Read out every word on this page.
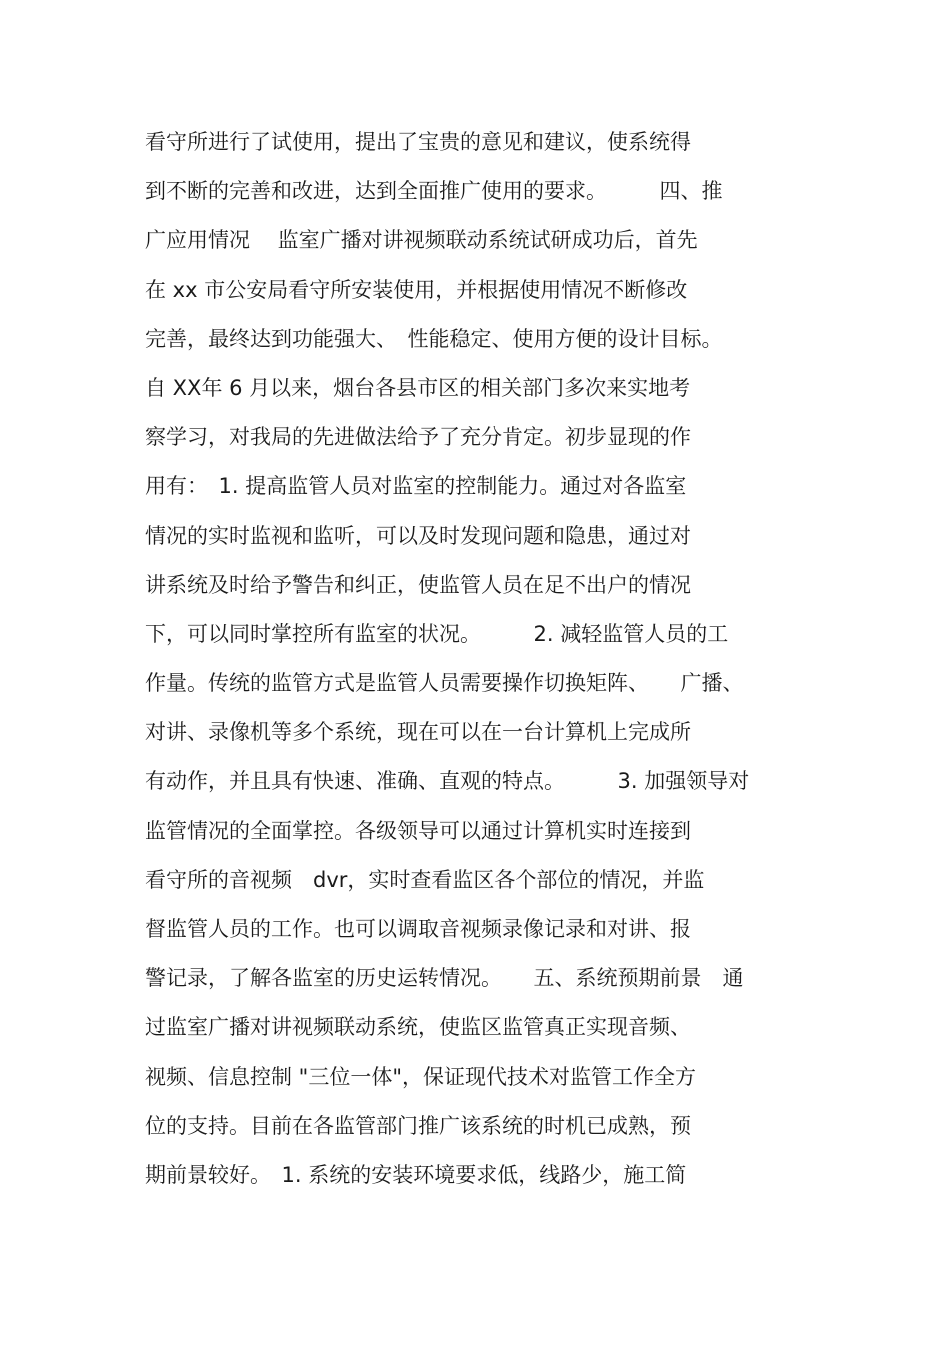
看守所进行了试使用，提出了宝贵的意见和建议，使系统得
到不断的完善和改进，达到全面推广使用的要求。　　　四、推
广应用情况　 监室广播对讲视频联动系统试研成功后，首先
在 xx 市公安局看守所安装使用，并根据使用情况不断修改
完善，最终达到功能强大、　性能稳定、使用方便的设计目标。
自 XX年 6 月以来，烟台各县市区的相关部门多次来实地考
察学习，对我局的先进做法给予了充分肯定。初步显现的作
用有：　1. 提高监管人员对监室的控制能力。通过对各监室
情况的实时监视和监听，可以及时发现问题和隐患，通过对
讲系统及时给予警告和纠正，使监管人员在足不出户的情况
下，可以同时掌控所有监室的状况。　　　2. 减轻监管人员的工
作量。传统的监管方式是监管人员需要操作切换矩阵、　　广播、
对讲、录像机等多个系统，现在可以在一台计算机上完成所
有动作，并且具有快速、准确、直观的特点。　　　3. 加强领导对
监管情况的全面掌控。各级领导可以通过计算机实时连接到
看守所的音视频　dvr，实时查看监区各个部位的情况，并监
督监管人员的工作。也可以调取音视频录像记录和对讲、报
警记录，了解各监室的历史运转情况。　　五、系统预期前景　通
过监室广播对讲视频联动系统，使监区监管真正实现音频、
视频、信息控制 "三位一体"，保证现代技术对监管工作全方
位的支持。目前在各监管部门推广该系统的时机已成熟，预
期前景较好。　1. 系统的安装环境要求低，线路少，施工简
